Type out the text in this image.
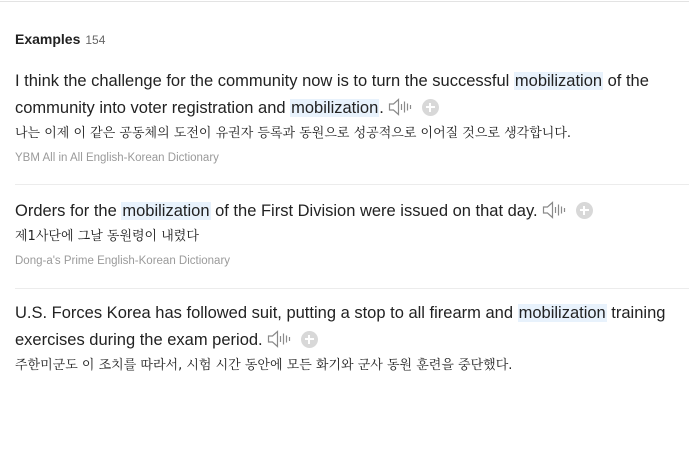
Examples 154
I think the challenge for the community now is to turn the successful mobilization of the community into voter registration and mobilization.
나는 이제 이 같은 공동체의 도전이 유권자 등록과 동원으로 성공적으로 이어질 것으로 생각합니다.
YBM All in All English-Korean Dictionary
Orders for the mobilization of the First Division were issued on that day.
제1사단에 그날 동원령이 내렸다
Dong-a's Prime English-Korean Dictionary
U.S. Forces Korea has followed suit, putting a stop to all firearm and mobilization training exercises during the exam period.
주한미군도 이 조치를 따라서, 시험 시간 동안에 모든 화기와 군사 동원 훈련을 중단했다.
